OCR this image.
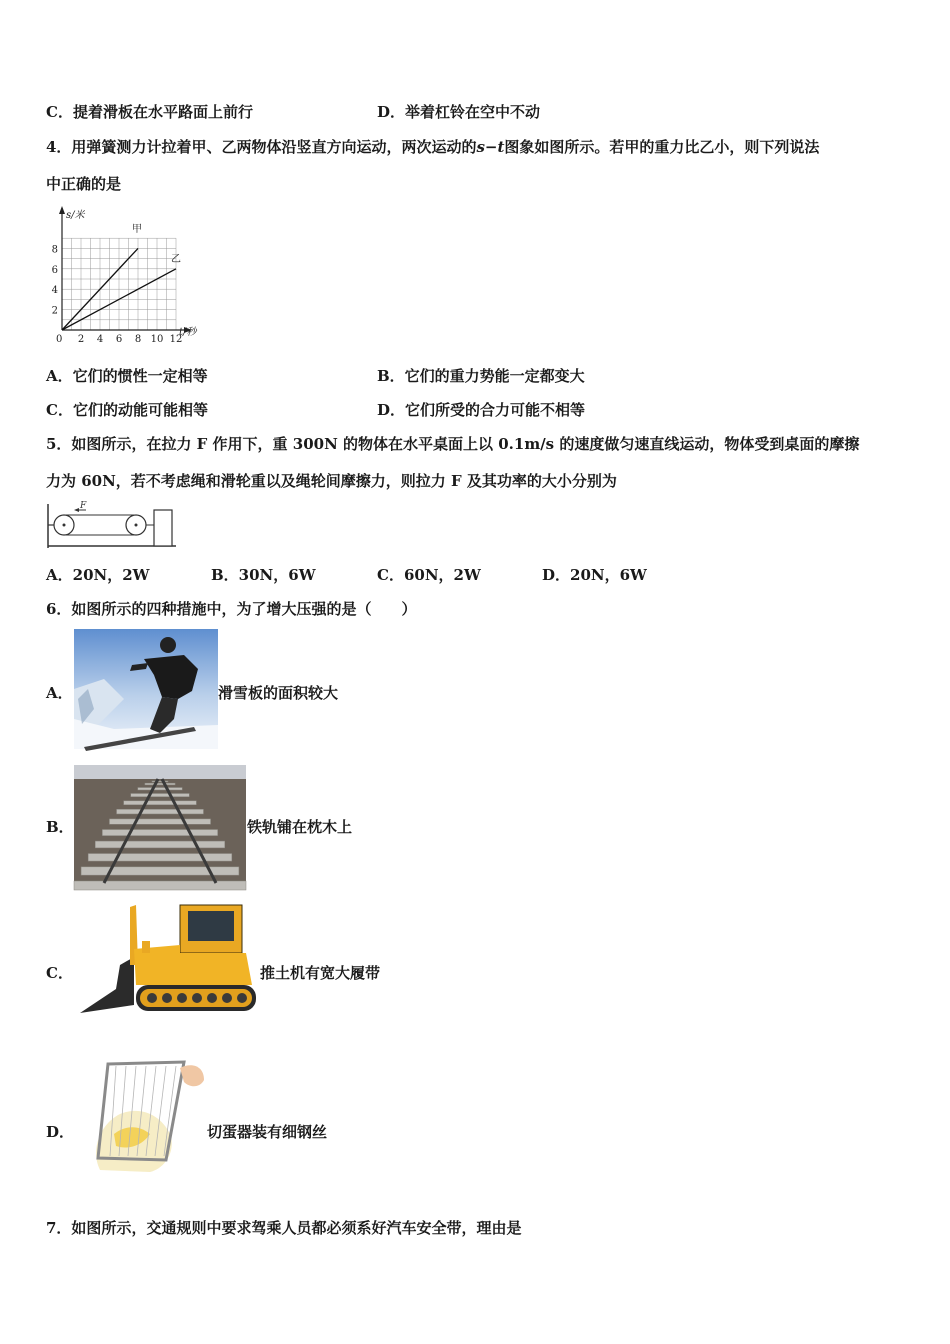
C．提着滑板在水平路面上前行	D．举着杠铃在空中不动
4．用弹簧测力计拉着甲、乙两物体沿竖直方向运动，两次运动的s−t图象如图所示。若甲的重力比乙小，则下列说法
中正确的是
2 4 6 8 10 12
2
4
6
8
s/米
t/秒
0
甲
乙
A．它们的惯性一定相等	B．它们的重力势能一定都变大
C．它们的动能可能相等	D．它们所受的合力可能不相等
5．如图所示，在拉力 F 作用下，重 300N 的物体在水平桌面上以 0.1m/s 的速度做匀速直线运动，物体受到桌面的摩擦
力为 60N，若不考虑绳和滑轮重以及绳轮间摩擦力，则拉力 F 及其功率的大小分别为
F
A．20N，2W	B．30N，6W	C．60N，2W	D．20N，6W
6．如图所示的四种措施中，为了增大压强的是（　　）
A．	滑雪板的面积较大
B．	铁轨铺在枕木上
C．	推土机有宽大履带
D．	切蛋器装有细钢丝
7．如图所示，交通规则中要求驾乘人员都必须系好汽车安全带，理由是
